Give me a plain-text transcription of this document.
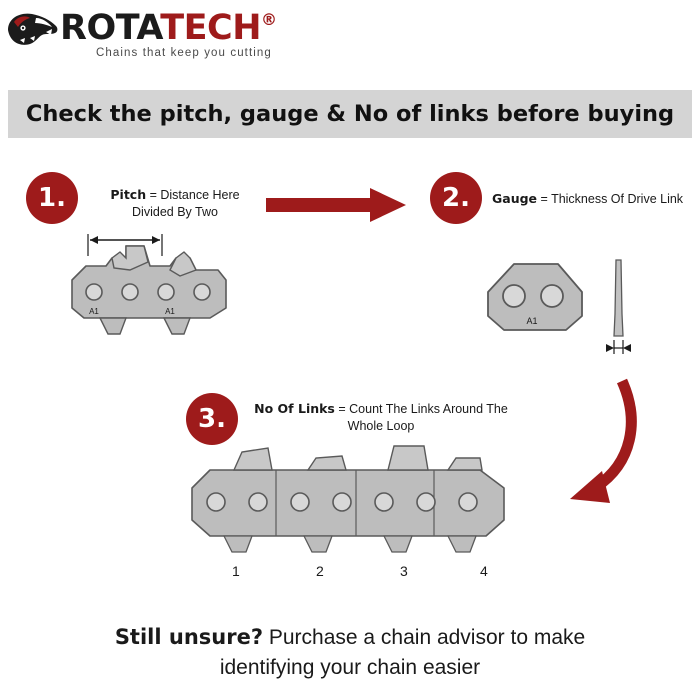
ROTATECH®
Chains that keep you cutting
Check the pitch, gauge & No of links before buying
1.	Pitch = Distance Here Divided By Two
A1	A1
2. Gauge = Thickness Of Drive Link
A1
3. No Of Links = Count The Links Around The Whole Loop
1	2	3	4
Still unsure? Purchase a chain advisor to make
identifying your chain easier
